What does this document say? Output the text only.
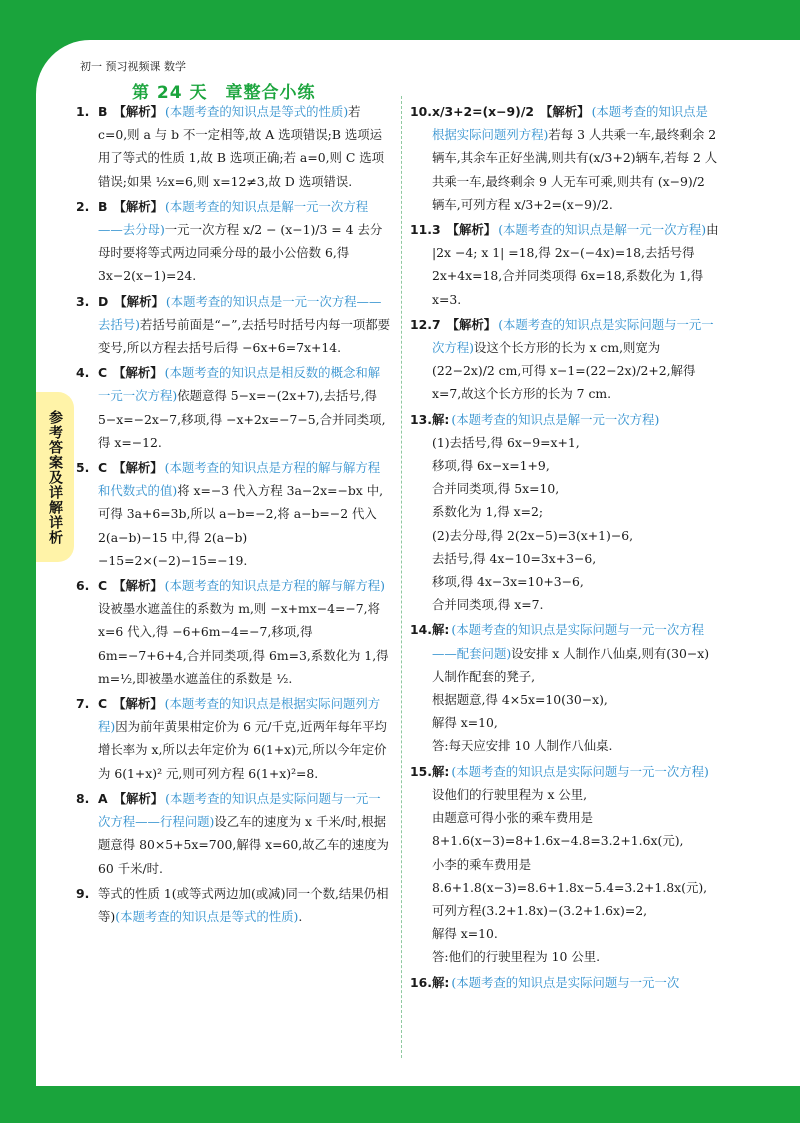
初一 预习视频课 数学
第 24 天　章整合小练
参考答案及详解详析
1. B 【解析】 (本题考查的知识点是等式的性质)若 c=0,则 a 与 b 不一定相等,故 A 选项错误;B 选项运用了等式的性质 1,故 B 选项正确;若 a=0,则 C 选项错误;如果 ½x=6,则 x=12≠3,故 D 选项错误.
2. B 【解析】 (本题考查的知识点是解一元一次方程——去分母)一元一次方程 x/2 − (x−1)/3 = 4 去分母时要将等式两边同乘分母的最小公倍数 6,得 3x−2(x−1)=24.
3. D 【解析】 (本题考查的知识点是一元一次方程——去括号)若括号前面是“−”,去括号时括号内每一项都要变号,所以方程去括号后得 −6x+6=7x+14.
4. C 【解析】 (本题考查的知识点是相反数的概念和解一元一次方程)依题意得 5−x=−(2x+7),去括号,得 5−x=−2x−7,移项,得 −x+2x=−7−5,合并同类项,得 x=−12.
5. C 【解析】 (本题考查的知识点是方程的解与解方程和代数式的值)将 x=−3 代入方程 3a−2x=−bx 中,可得 3a+6=3b,所以 a−b=−2,将 a−b=−2 代入 2(a−b)−15 中,得 2(a−b)−15=2×(−2)−15=−19.
6. C 【解析】 (本题考查的知识点是方程的解与解方程)设被墨水遮盖住的系数为 m,则 −x+mx−4=−7,将 x=6 代入,得 −6+6m−4=−7,移项,得 6m=−7+6+4,合并同类项,得 6m=3,系数化为 1,得 m=½,即被墨水遮盖住的系数是 ½.
7. C 【解析】 (本题考查的知识点是根据实际问题列方程)因为前年黄果柑定价为 6 元/千克,近两年每年平均增长率为 x,所以去年定价为 6(1+x)元,所以今年定价为 6(1+x)² 元,则可列方程 6(1+x)²=8.
8. A 【解析】 (本题考查的知识点是实际问题与一元一次方程——行程问题)设乙车的速度为 x 千米/时,根据题意得 80×5+5x=700,解得 x=60,故乙车的速度为 60 千米/时.
9. 等式的性质 1(或等式两边加(或减)同一个数,结果仍相等)(本题考查的知识点是等式的性质).
10. x/3+2=(x−9)/2 【解析】 (本题考查的知识点是根据实际问题列方程)若每 3 人共乘一车,最终剩余 2 辆车,其余车正好坐满,则共有(x/3+2)辆车,若每 2 人共乘一车,最终剩余 9 人无车可乘,则共有 (x−9)/2 辆车,可列方程 x/3+2=(x−9)/2.
11. 3 【解析】 (本题考查的知识点是解一元一次方程)由 |2x −4; x 1| =18,得 2x−(−4x)=18,去括号得 2x+4x=18,合并同类项得 6x=18,系数化为 1,得 x=3.
12. 7 【解析】 (本题考查的知识点是实际问题与一元一次方程)设这个长方形的长为 x cm,则宽为 (22−2x)/2 cm,可得 x−1=(22−2x)/2+2,解得 x=7,故这个长方形的长为 7 cm.
13. 解: (本题考查的知识点是解一元一次方程)
(1)去括号,得 6x−9=x+1,
移项,得 6x−x=1+9,
合并同类项,得 5x=10,
系数化为 1,得 x=2;
(2)去分母,得 2(2x−5)=3(x+1)−6,
去括号,得 4x−10=3x+3−6,
移项,得 4x−3x=10+3−6,
合并同类项,得 x=7.
14. 解: (本题考查的知识点是实际问题与一元一次方程——配套问题)设安排 x 人制作八仙桌,则有(30−x)人制作配套的凳子,
根据题意,得 4×5x=10(30−x),
解得 x=10,
答:每天应安排 10 人制作八仙桌.
15. 解: (本题考查的知识点是实际问题与一元一次方程)设他们的行驶里程为 x 公里,
由题意可得小张的乘车费用是 8+1.6(x−3)=8+1.6x−4.8=3.2+1.6x(元),
小李的乘车费用是 8.6+1.8(x−3)=8.6+1.8x−5.4=3.2+1.8x(元),
可列方程(3.2+1.8x)−(3.2+1.6x)=2,
解得 x=10.
答:他们的行驶里程为 10 公里.
16. 解: (本题考查的知识点是实际问题与一元一次
